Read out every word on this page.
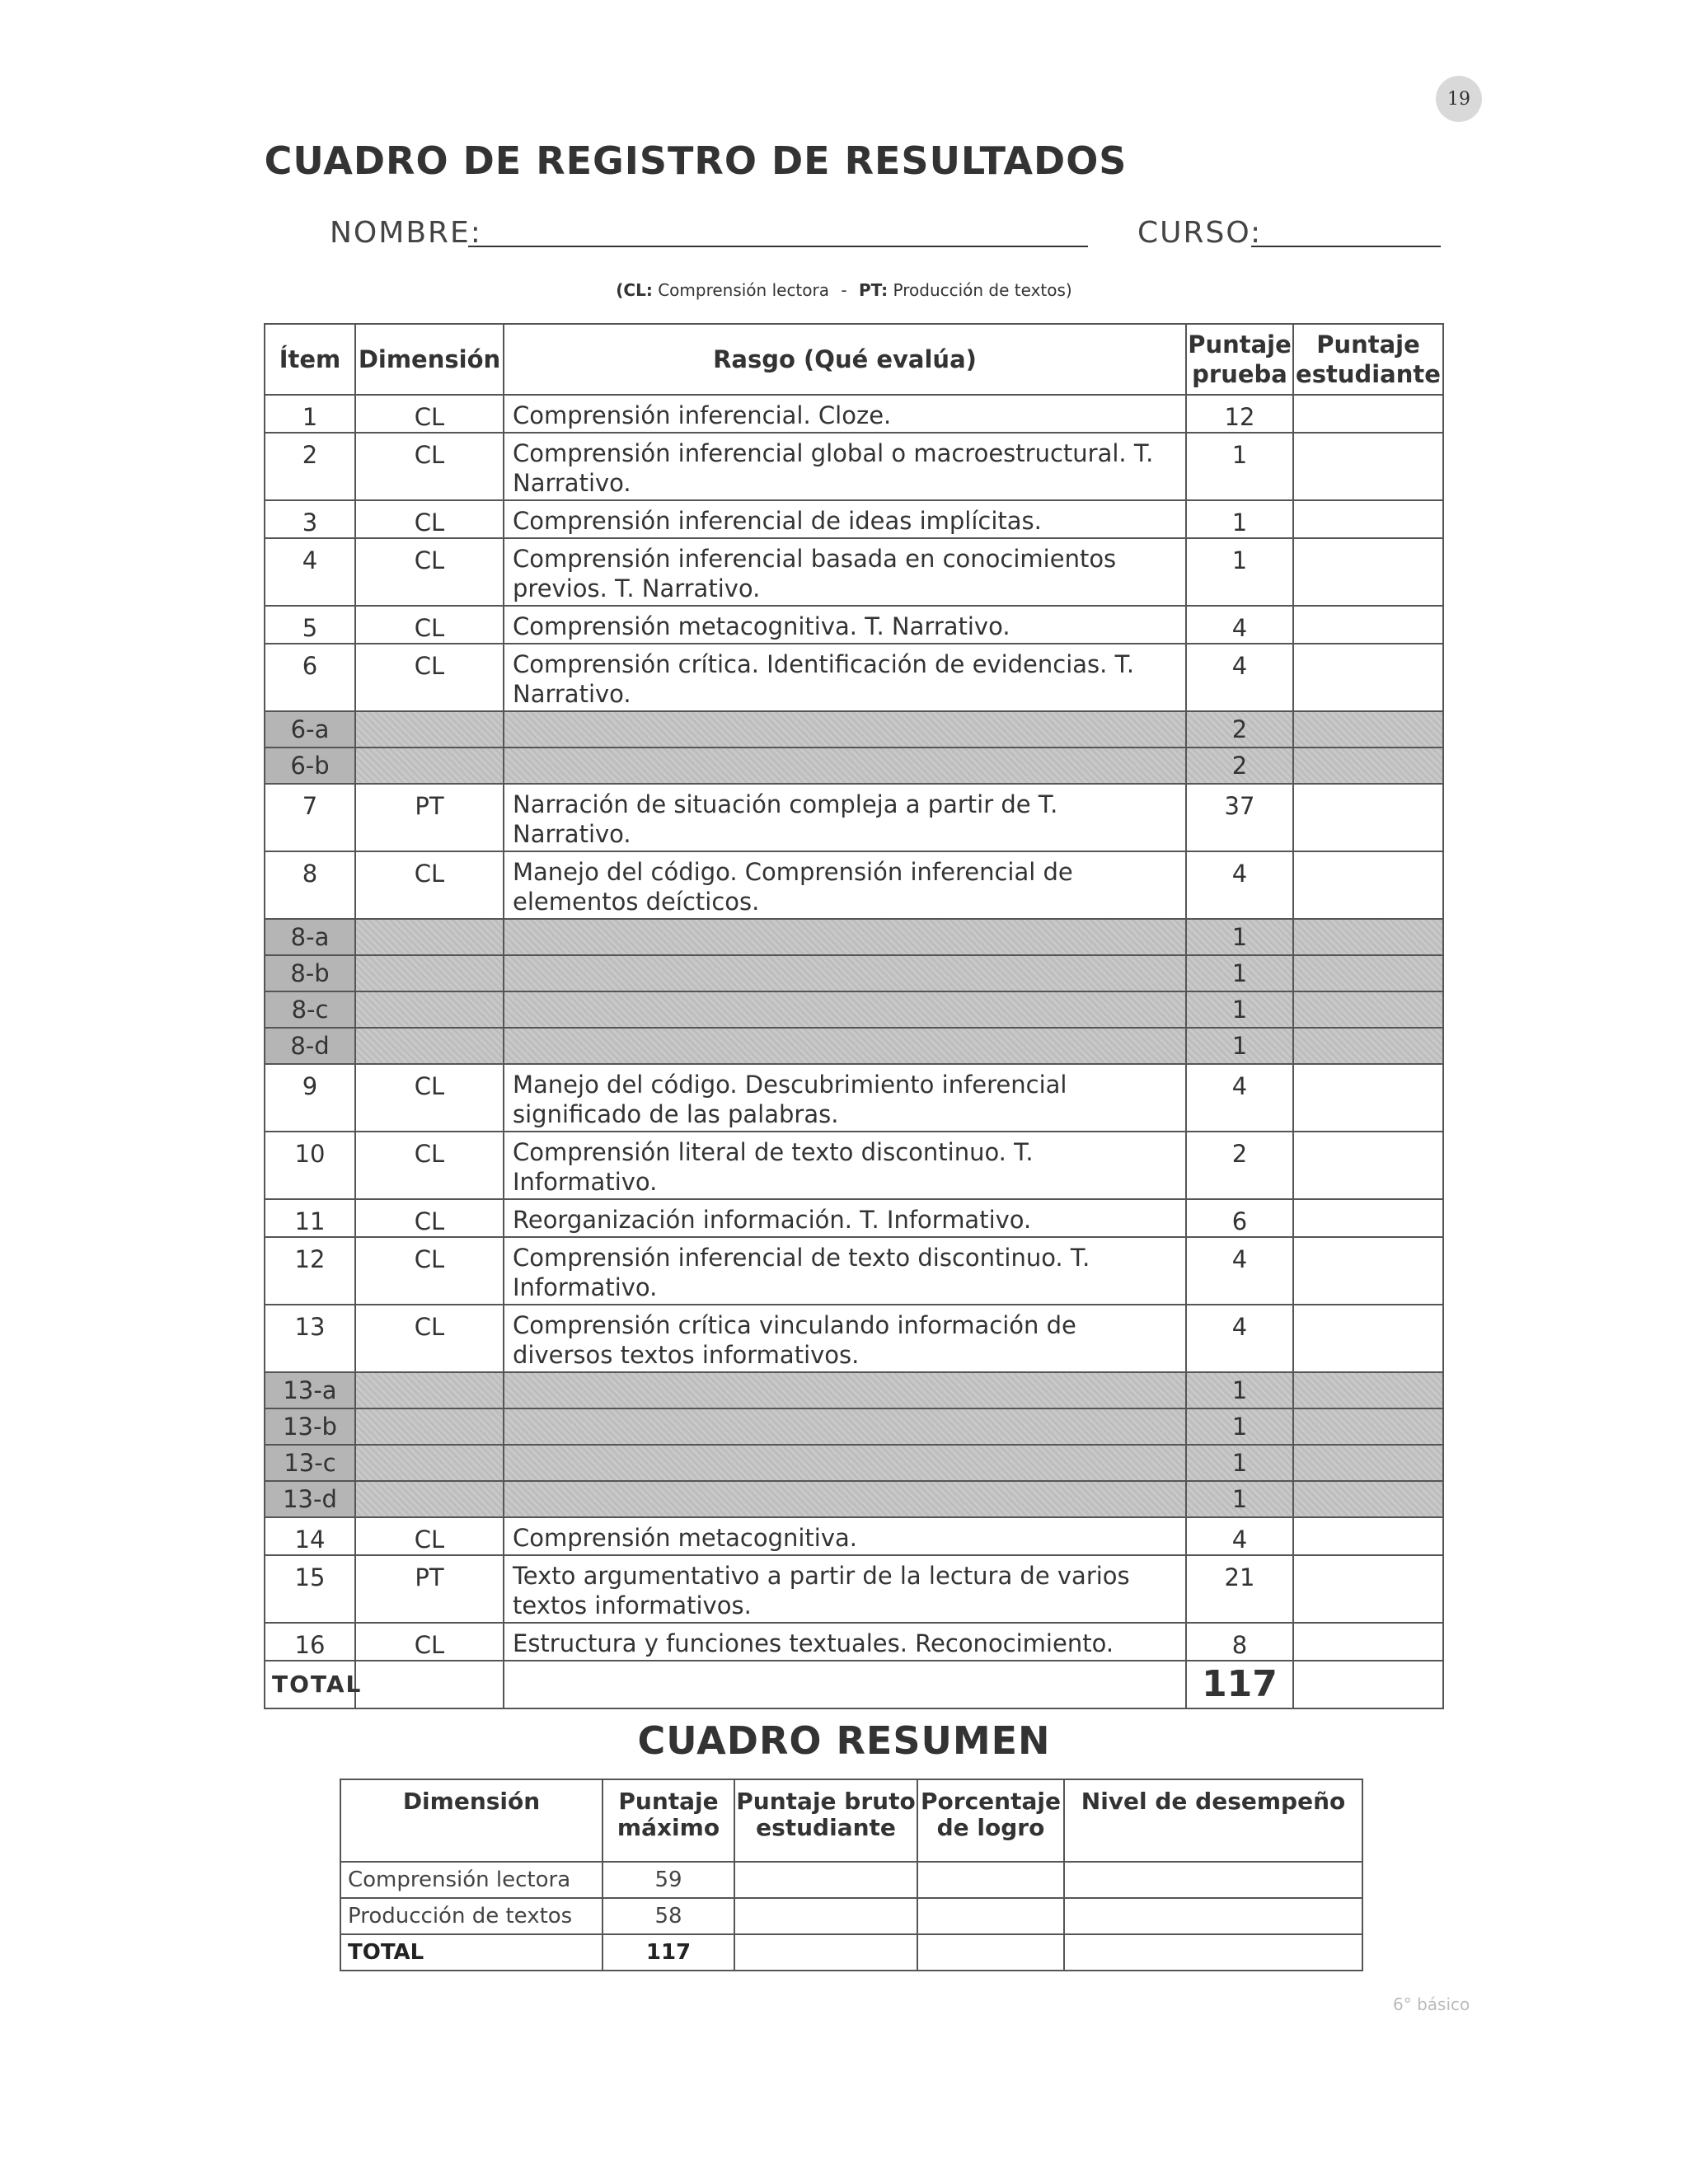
19
CUADRO DE REGISTRO DE RESULTADOS
NOMBRE:	CURSO:
(CL: Comprensión lectora - PT: Producción de textos)
Ítem	Dimensión	Rasgo (Qué evalúa)	Puntaje prueba	Puntaje estudiante
1	CL	Comprensión inferencial. Cloze.	12	
2	CL	Comprensión inferencial global o macroestructural. T. Narrativo.	1	
3	CL	Comprensión inferencial de ideas implícitas.	1	
4	CL	Comprensión inferencial basada en conocimientos previos. T. Narrativo.	1	
5	CL	Comprensión metacognitiva. T. Narrativo.	4	
6	CL	Comprensión crítica. Identificación de evidencias. T. Narrativo.	4	
6-a			2	
6-b			2	
7	PT	Narración de situación compleja a partir de T. Narrativo.	37	
8	CL	Manejo del código. Comprensión inferencial de elementos deícticos.	4	
8-a			1	
8-b			1	
8-c			1	
8-d			1	
9	CL	Manejo del código. Descubrimiento inferencial significado de las palabras.	4	
10	CL	Comprensión literal de texto discontinuo. T. Informativo.	2	
11	CL	Reorganización información. T. Informativo.	6	
12	CL	Comprensión inferencial de texto discontinuo. T. Informativo.	4	
13	CL	Comprensión crítica vinculando información de diversos textos informativos.	4	
13-a			1	
13-b			1	
13-c			1	
13-d			1	
14	CL	Comprensión metacognitiva.	4	
15	PT	Texto argumentativo a partir de la lectura de varios textos informativos.	21	
16	CL	Estructura y funciones textuales. Reconocimiento.	8	
TOTAL			117	
CUADRO RESUMEN
Dimensión	Puntaje máximo	Puntaje bruto estudiante	Porcentaje de logro	Nivel de desempeño
Comprensión lectora	59			
Producción de textos	58			
TOTAL	117			
6° básico
